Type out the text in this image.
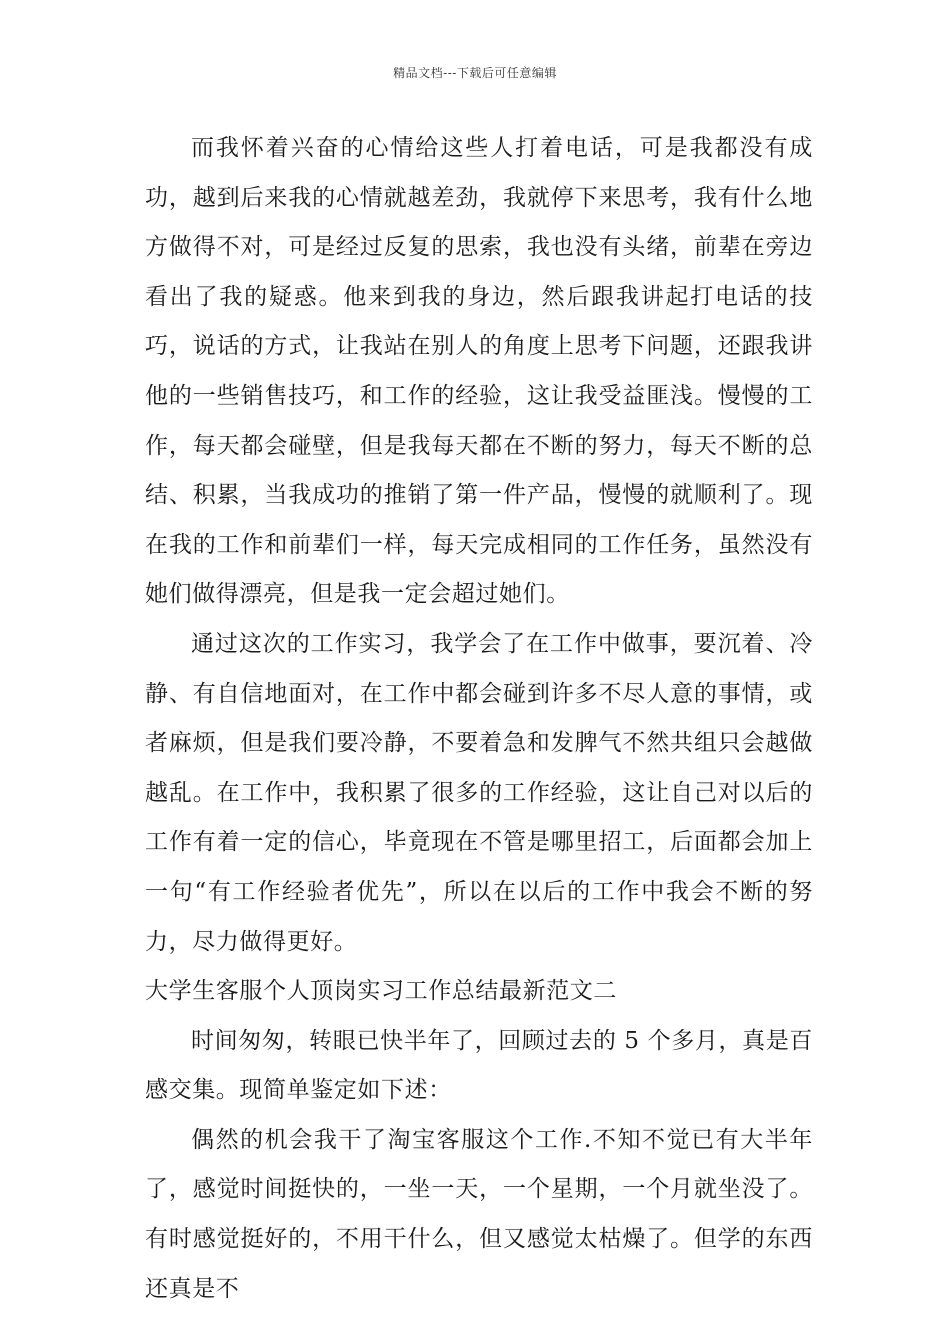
精品文档---下载后可任意编辑

而我怀着兴奋的心情给这些人打着电话，可是我都没有成功，越到后来我的心情就越差劲，我就停下来思考，我有什么地方做得不对，可是经过反复的思索，我也没有头绪，前辈在旁边看出了我的疑惑。他来到我的身边，然后跟我讲起打电话的技巧，说话的方式，让我站在别人的角度上思考下问题，还跟我讲他的一些销售技巧，和工作的经验，这让我受益匪浅。慢慢的工作，每天都会碰壁，但是我每天都在不断的努力，每天不断的总结、积累，当我成功的推销了第一件产品，慢慢的就顺利了。现在我的工作和前辈们一样，每天完成相同的工作任务，虽然没有她们做得漂亮，但是我一定会超过她们。

通过这次的工作实习，我学会了在工作中做事，要沉着、冷静、有自信地面对，在工作中都会碰到许多不尽人意的事情，或者麻烦，但是我们要冷静，不要着急和发脾气不然共组只会越做越乱。在工作中，我积累了很多的工作经验，这让自己对以后的工作有着一定的信心，毕竟现在不管是哪里招工，后面都会加上一句“有工作经验者优先”，所以在以后的工作中我会不断的努力，尽力做得更好。

大学生客服个人顶岗实习工作总结最新范文二

时间匆匆，转眼已快半年了，回顾过去的 5 个多月，真是百感交集。现简单鉴定如下述：

偶然的机会我干了淘宝客服这个工作.不知不觉已有大半年了，感觉时间挺快的，一坐一天，一个星期，一个月就坐没了。有时感觉挺好的，不用干什么，但又感觉太枯燥了。但学的东西还真是不
